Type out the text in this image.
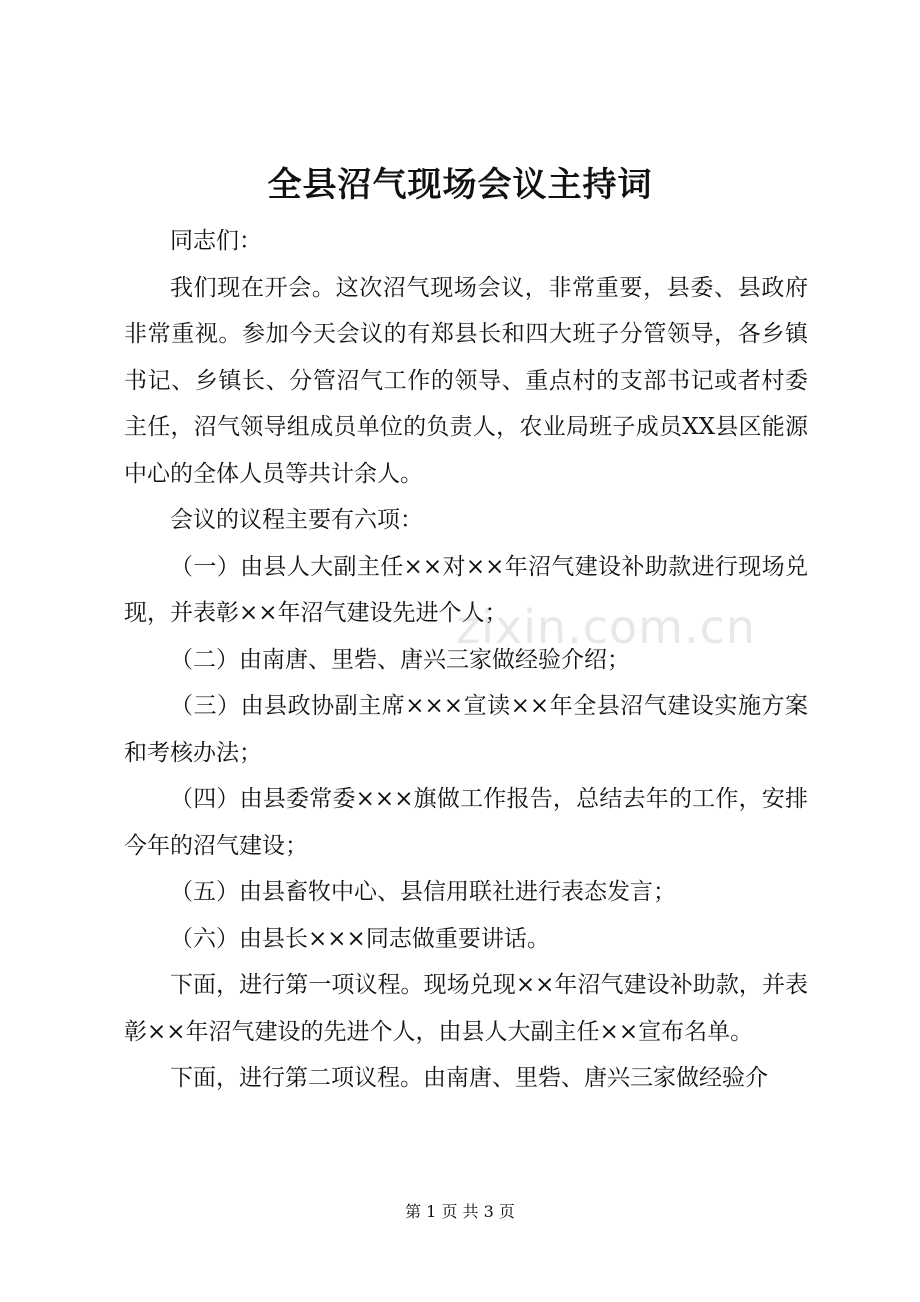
全县沼气现场会议主持词
zixin.com.cn

同志们：

我们现在开会。这次沼气现场会议，非常重要，县委、县政府非常重视。参加今天会议的有郑县长和四大班子分管领导，各乡镇书记、乡镇长、分管沼气工作的领导、重点村的支部书记或者村委主任，沼气领导组成员单位的负责人，农业局班子成员XX县区能源中心的全体人员等共计余人。

会议的议程主要有六项：

（一）由县人大副主任××对××年沼气建设补助款进行现场兑现，并表彰××年沼气建设先进个人；

（二）由南唐、里砦、唐兴三家做经验介绍；

（三）由县政协副主席×××宣读××年全县沼气建设实施方案和考核办法；

（四）由县委常委×××旗做工作报告，总结去年的工作，安排今年的沼气建设；

（五）由县畜牧中心、县信用联社进行表态发言；

（六）由县长×××同志做重要讲话。

下面，进行第一项议程。现场兑现××年沼气建设补助款，并表彰××年沼气建设的先进个人，由县人大副主任××宣布名单。

下面，进行第二项议程。由南唐、里砦、唐兴三家做经验介

第 1 页 共 3 页
